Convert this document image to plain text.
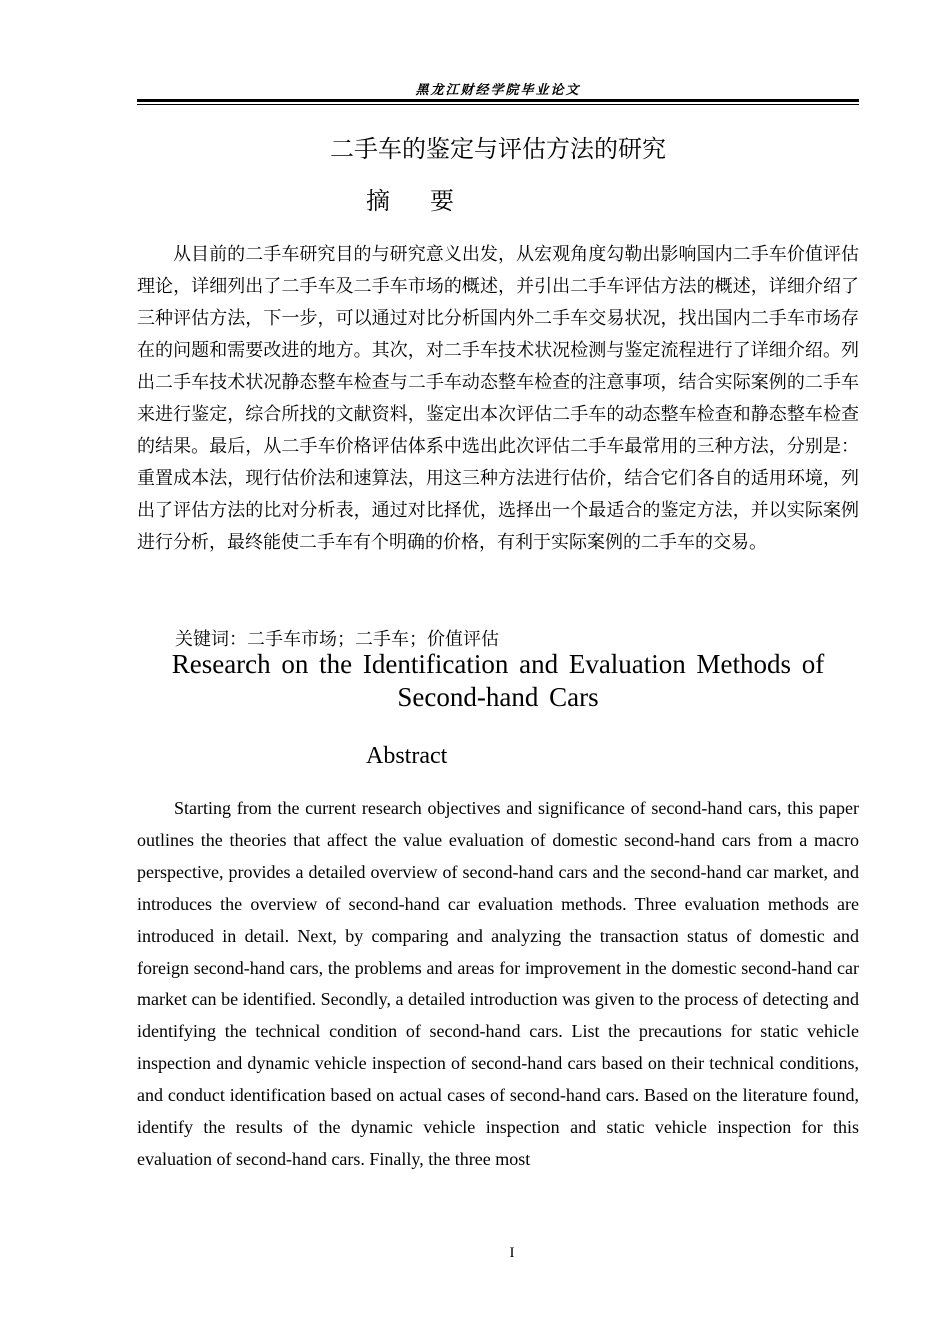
黑龙江财经学院毕业论文
二手车的鉴定与评估方法的研究
摘要

从目前的二手车研究目的与研究意义出发，从宏观角度勾勒出影响国内二手车价值评估理论，详细列出了二手车及二手车市场的概述，并引出二手车评估方法的概述，详细介绍了三种评估方法，下一步，可以通过对比分析国内外二手车交易状况，找出国内二手车市场存在的问题和需要改进的地方。其次，对二手车技术状况检测与鉴定流程进行了详细介绍。列出二手车技术状况静态整车检查与二手车动态整车检查的注意事项，结合实际案例的二手车来进行鉴定，综合所找的文献资料，鉴定出本次评估二手车的动态整车检查和静态整车检查的结果。最后，从二手车价格评估体系中选出此次评估二手车最常用的三种方法，分别是：重置成本法，现行估价法和速算法，用这三种方法进行估价，结合它们各自的适用环境，列出了评估方法的比对分析表，通过对比择优，选择出一个最适合的鉴定方法，并以实际案例进行分析，最终能使二手车有个明确的价格，有利于实际案例的二手车的交易。

关键词：二手车市场；二手车；价值评估
Research on the Identification and Evaluation Methods of Second-hand Cars
Abstract

Starting from the current research objectives and significance of second-hand cars, this paper outlines the theories that affect the value evaluation of domestic second-hand cars from a macro perspective, provides a detailed overview of second-hand cars and the second-hand car market, and introduces the overview of second-hand car evaluation methods. Three evaluation methods are introduced in detail. Next, by comparing and analyzing the transaction status of domestic and foreign second-hand cars, the problems and areas for improvement in the domestic second-hand car market can be identified. Secondly, a detailed introduction was given to the process of detecting and identifying the technical condition of second-hand cars. List the precautions for static vehicle inspection and dynamic vehicle inspection of second-hand cars based on their technical conditions, and conduct identification based on actual cases of second-hand cars. Based on the literature found, identify the results of the dynamic vehicle inspection and static vehicle inspection for this evaluation of second-hand cars. Finally, the three most

I
